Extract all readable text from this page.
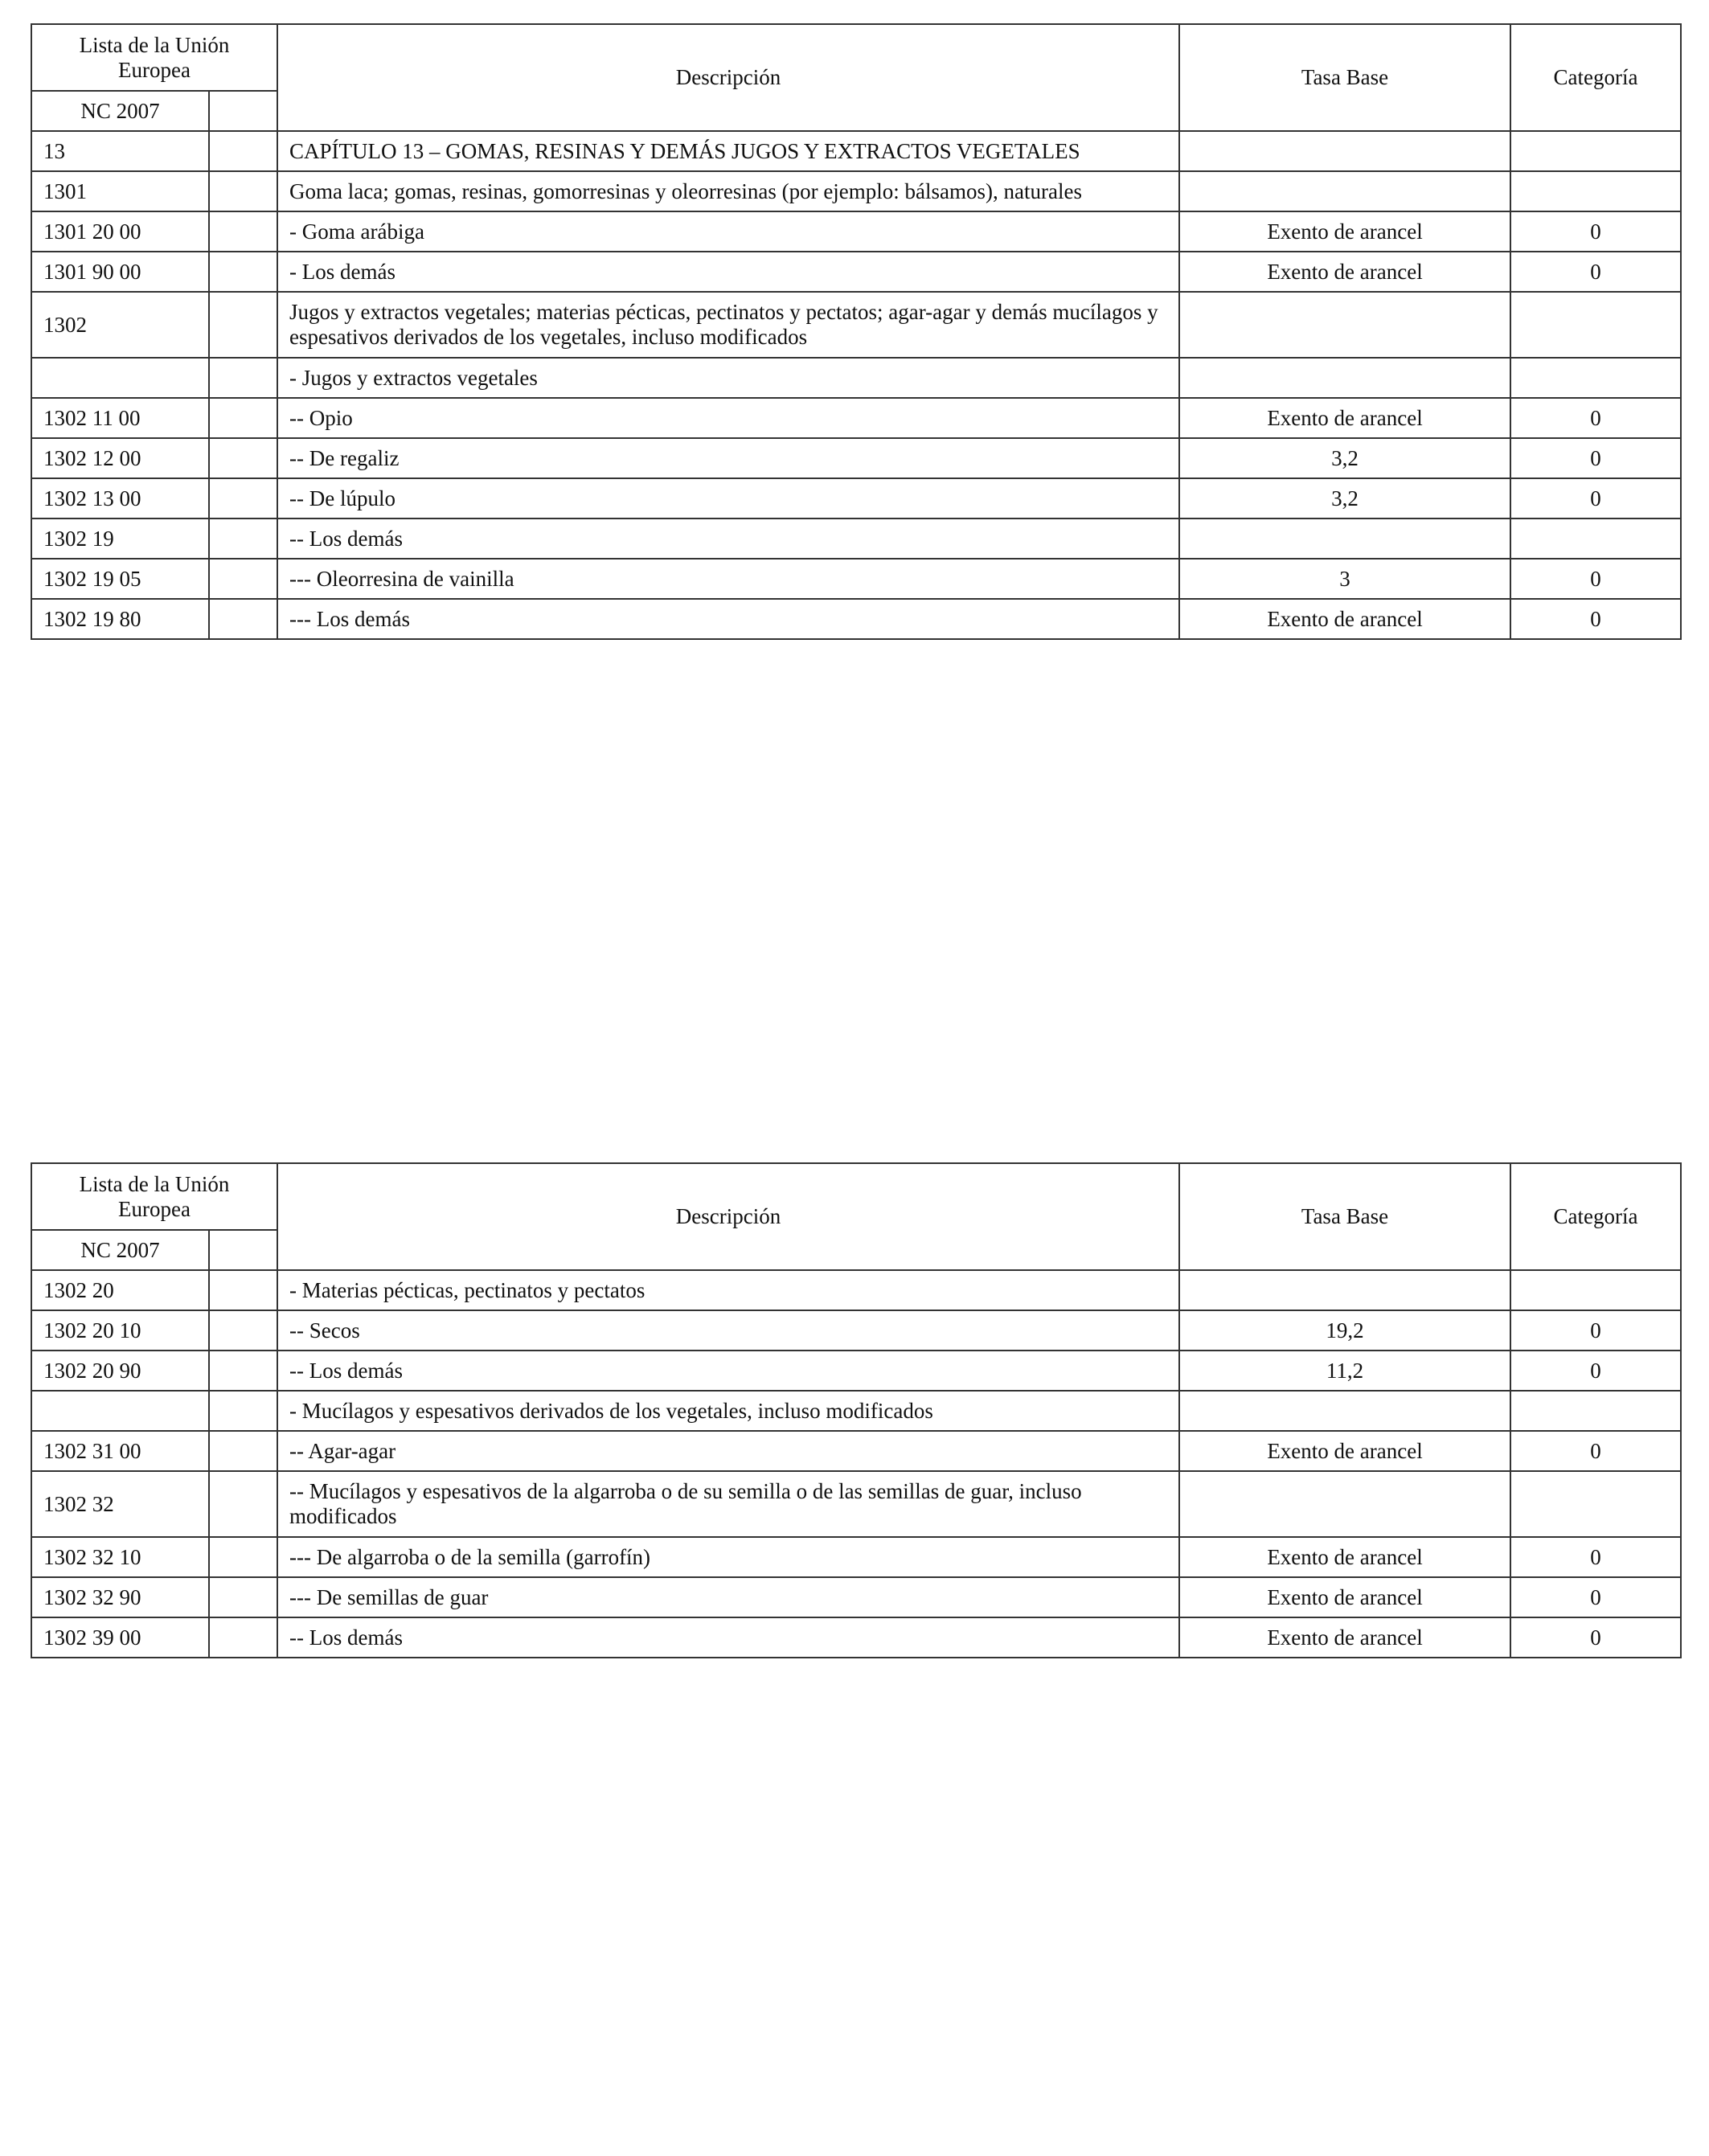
Lista de la Unión Europea		Descripción	Tasa Base	Categoría
NC 2007				
13		CAPÍTULO 13 – GOMAS, RESINAS Y DEMÁS JUGOS Y EXTRACTOS VEGETALES		
1301		Goma laca; gomas, resinas, gomorresinas y oleorresinas (por ejemplo: bálsamos), naturales		
1301 20 00		- Goma arábiga	Exento de arancel	0
1301 90 00		- Los demás	Exento de arancel	0
1302		Jugos y extractos vegetales; materias pécticas, pectinatos y pectatos; agar-agar y demás mucílagos y espesativos derivados de los vegetales, incluso modificados		
		- Jugos y extractos vegetales		
1302 11 00		-- Opio	Exento de arancel	0
1302 12 00		-- De regaliz	3,2	0
1302 13 00		-- De lúpulo	3,2	0
1302 19		-- Los demás		
1302 19 05		--- Oleorresina de vainilla	3	0
1302 19 80		--- Los demás	Exento de arancel	0
Lista de la Unión Europea		Descripción	Tasa Base	Categoría
NC 2007				
1302 20		- Materias pécticas, pectinatos y pectatos		
1302 20 10		-- Secos	19,2	0
1302 20 90		-- Los demás	11,2	0
		- Mucílagos y espesativos derivados de los vegetales, incluso modificados		
1302 31 00		-- Agar-agar	Exento de arancel	0
1302 32		-- Mucílagos y espesativos de la algarroba o de su semilla o de las semillas de guar, incluso modificados		
1302 32 10		--- De algarroba o de la semilla (garrofín)	Exento de arancel	0
1302 32 90		--- De semillas de guar	Exento de arancel	0
1302 39 00		-- Los demás	Exento de arancel	0
